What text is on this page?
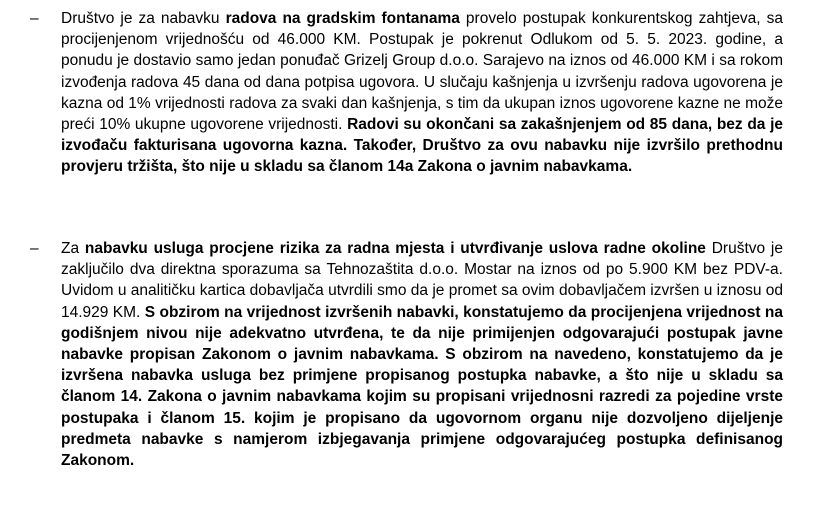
– Društvo je za nabavku radova na gradskim fontanama provelo postupak konkurentskog zahtjeva, sa procijenjenom vrijednošću od 46.000 KM. Postupak je pokrenut Odlukom od 5. 5. 2023. godine, a ponudu je dostavio samo jedan ponuđač Grizelj Group d.o.o. Sarajevo na iznos od 46.000 KM i sa rokom izvođenja radova 45 dana od dana potpisa ugovora. U slučaju kašnjenja u izvršenju radova ugovorena je kazna od 1% vrijednosti radova za svaki dan kašnjenja, s tim da ukupan iznos ugovorene kazne ne može preći 10% ukupne ugovorene vrijednosti. Radovi su okončani sa zakašnjenjem od 85 dana, bez da je izvođaču fakturisana ugovorna kazna. Također, Društvo za ovu nabavku nije izvršilo prethodnu provjeru tržišta, što nije u skladu sa članom 14a Zakona o javnim nabavkama.

– Za nabavku usluga procjene rizika za radna mjesta i utvrđivanje uslova radne okoline Društvo je zaključilo dva direktna sporazuma sa Tehnozaštita d.o.o. Mostar na iznos od po 5.900 KM bez PDV-a. Uvidom u analitičku kartica dobavljača utvrdili smo da je promet sa ovim dobavljačem izvršen u iznosu od 14.929 KM. S obzirom na vrijednost izvršenih nabavki, konstatujemo da procijenjena vrijednost na godišnjem nivou nije adekvatno utvrđena, te da nije primijenjen odgovarajući postupak javne nabavke propisan Zakonom o javnim nabavkama. S obzirom na navedeno, konstatujemo da je izvršena nabavka usluga bez primjene propisanog postupka nabavke, a što nije u skladu sa članom 14. Zakona o javnim nabavkama kojim su propisani vrijednosni razredi za pojedine vrste postupaka i članom 15. kojim je propisano da ugovornom organu nije dozvoljeno dijeljenje predmeta nabavke s namjerom izbjegavanja primjene odgovarajućeg postupka definisanog Zakonom.
